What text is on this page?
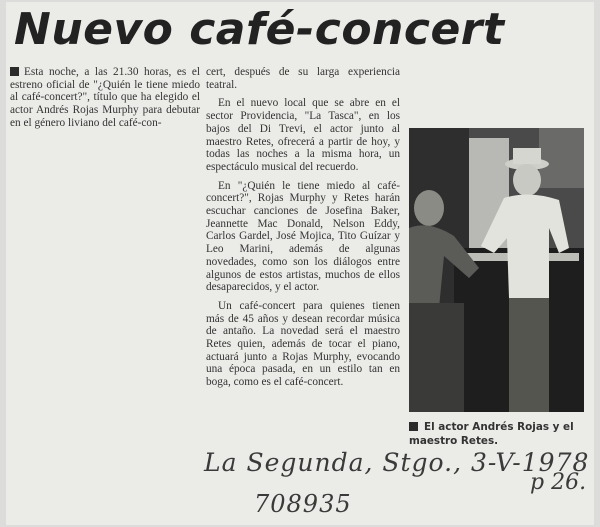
Nuevo café-concert

Esta noche, a las 21.30 horas, es el estreno oficial de "¿Quién le tiene miedo al café-concert?", título que ha elegido el actor Andrés Rojas Murphy para debutar en el género liviano del café-con-

cert, después de su larga experiencia teatral.

En el nuevo local que se abre en el sector Providencia, "La Tasca", en los bajos del Di Trevi, el actor junto al maestro Retes, ofrecerá a partir de hoy, y todas las noches a la misma hora, un espectáculo musical del recuerdo.

En "¿Quién le tiene miedo al café-concert?", Rojas Murphy y Retes harán escuchar canciones de Josefina Baker, Jeannette Mac Donald, Nelson Eddy, Carlos Gardel, José Mojica, Tito Guízar y Leo Marini, además de algunas novedades, como son los diálogos entre algunos de estos artistas, muchos de ellos desaparecidos, y el actor.

Un café-concert para quienes tienen más de 45 años y desean recordar música de antaño. La novedad será el maestro Retes quien, además de tocar el piano, actuará junto a Rojas Murphy, evocando una época pasada, en un estilo tan en boga, como es el café-concert.

El actor Andrés Rojas y el maestro Retes.
La Segunda, Stgo., 3-V-1978
p 26.
708935
